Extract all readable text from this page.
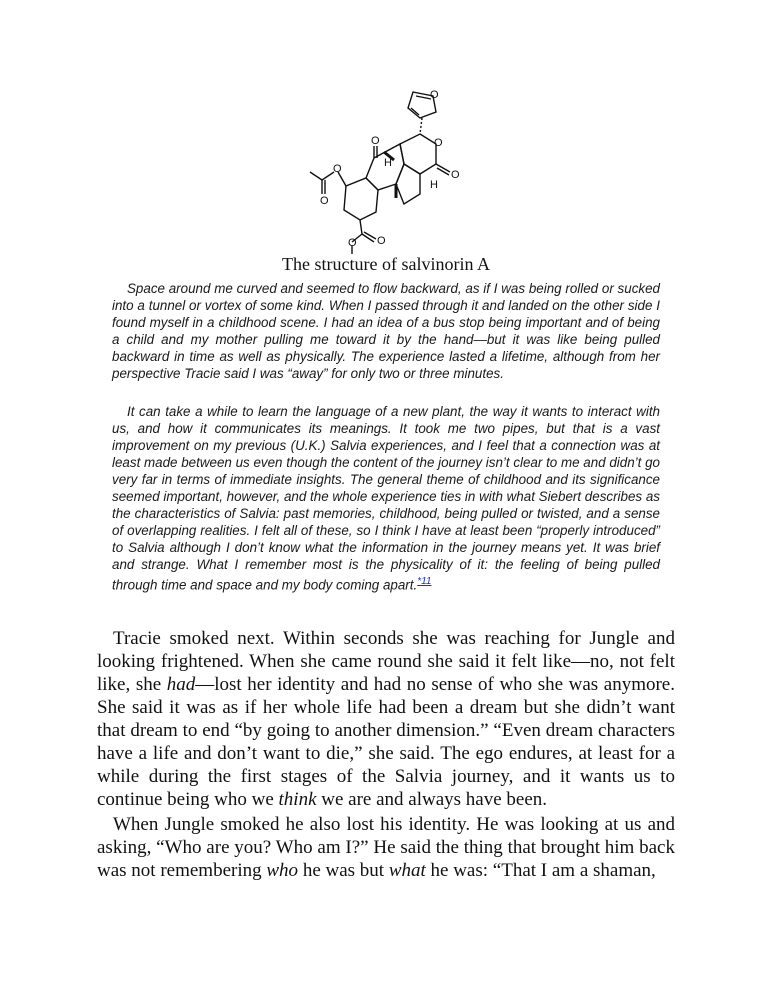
O
O
O
O
O
O
O
O
H
H
The structure of salvinorin A

Space around me curved and seemed to flow backward, as if I was being rolled or sucked into a tunnel or vortex of some kind. When I passed through it and landed on the other side I found myself in a childhood scene. I had an idea of a bus stop being important and of being a child and my mother pulling me toward it by the hand—but it was like being pulled backward in time as well as physically. The experience lasted a lifetime, although from her perspective Tracie said I was “away” for only two or three minutes.

It can take a while to learn the language of a new plant, the way it wants to interact with us, and how it communicates its meanings. It took me two pipes, but that is a vast improvement on my previous (U.K.) Salvia experiences, and I feel that a connection was at least made between us even though the content of the journey isn’t clear to me and didn’t go very far in terms of immediate insights. The general theme of childhood and its significance seemed important, however, and the whole experience ties in with what Siebert describes as the characteristics of Salvia: past memories, childhood, being pulled or twisted, and a sense of overlapping realities. I felt all of these, so I think I have at least been “properly introduced” to Salvia although I don’t know what the information in the journey means yet. It was brief and strange. What I remember most is the physicality of it: the feeling of being pulled through time and space and my body coming apart.$^{*11}$

Tracie smoked next. Within seconds she was reaching for Jungle and looking frightened. When she came round she said it felt like—no, not felt like, she had—lost her identity and had no sense of who she was anymore. She said it was as if her whole life had been a dream but she didn’t want that dream to end “by going to another dimension.” “Even dream characters have a life and don’t want to die,” she said. The ego endures, at least for a while during the first stages of the Salvia journey, and it wants us to continue being who we think we are and always have been.

When Jungle smoked he also lost his identity. He was looking at us and asking, “Who are you? Who am I?” He said the thing that brought him back was not remembering who he was but what he was: “That I am a shaman,
